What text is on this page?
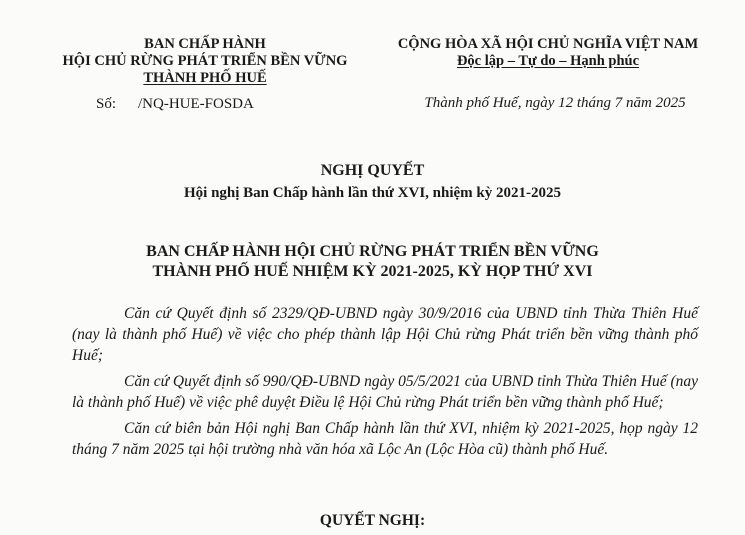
BAN CHẤP HÀNH
HỘI CHỦ RỪNG PHÁT TRIỂN BỀN VỮNG
THÀNH PHỐ HUẾ
Số: /NQ-HUE-FOSDA
CỘNG HÒA XÃ HỘI CHỦ NGHĨA VIỆT NAM
Độc lập – Tự do – Hạnh phúc
Thành phố Huế, ngày 12 tháng 7 năm 2025
NGHỊ QUYẾT
Hội nghị Ban Chấp hành lần thứ XVI, nhiệm kỳ 2021-2025
BAN CHẤP HÀNH HỘI CHỦ RỪNG PHÁT TRIỂN BỀN VỮNG
THÀNH PHỐ HUẾ NHIỆM KỲ 2021-2025, KỲ HỌP THỨ XVI

Căn cứ Quyết định số 2329/QĐ-UBND ngày 30/9/2016 của UBND tỉnh Thừa Thiên Huế (nay là thành phố Huế) về việc cho phép thành lập Hội Chủ rừng Phát triển bền vững thành phố Huế;

Căn cứ Quyết định số 990/QĐ-UBND ngày 05/5/2021 của UBND tỉnh Thừa Thiên Huế (nay là thành phố Huế) về việc phê duyệt Điều lệ Hội Chủ rừng Phát triển bền vững thành phố Huế;

Căn cứ biên bản Hội nghị Ban Chấp hành lần thứ XVI, nhiệm kỳ 2021-2025, họp ngày 12 tháng 7 năm 2025 tại hội trường nhà văn hóa xã Lộc An (Lộc Hòa cũ) thành phố Huế.

QUYẾT NGHỊ:
